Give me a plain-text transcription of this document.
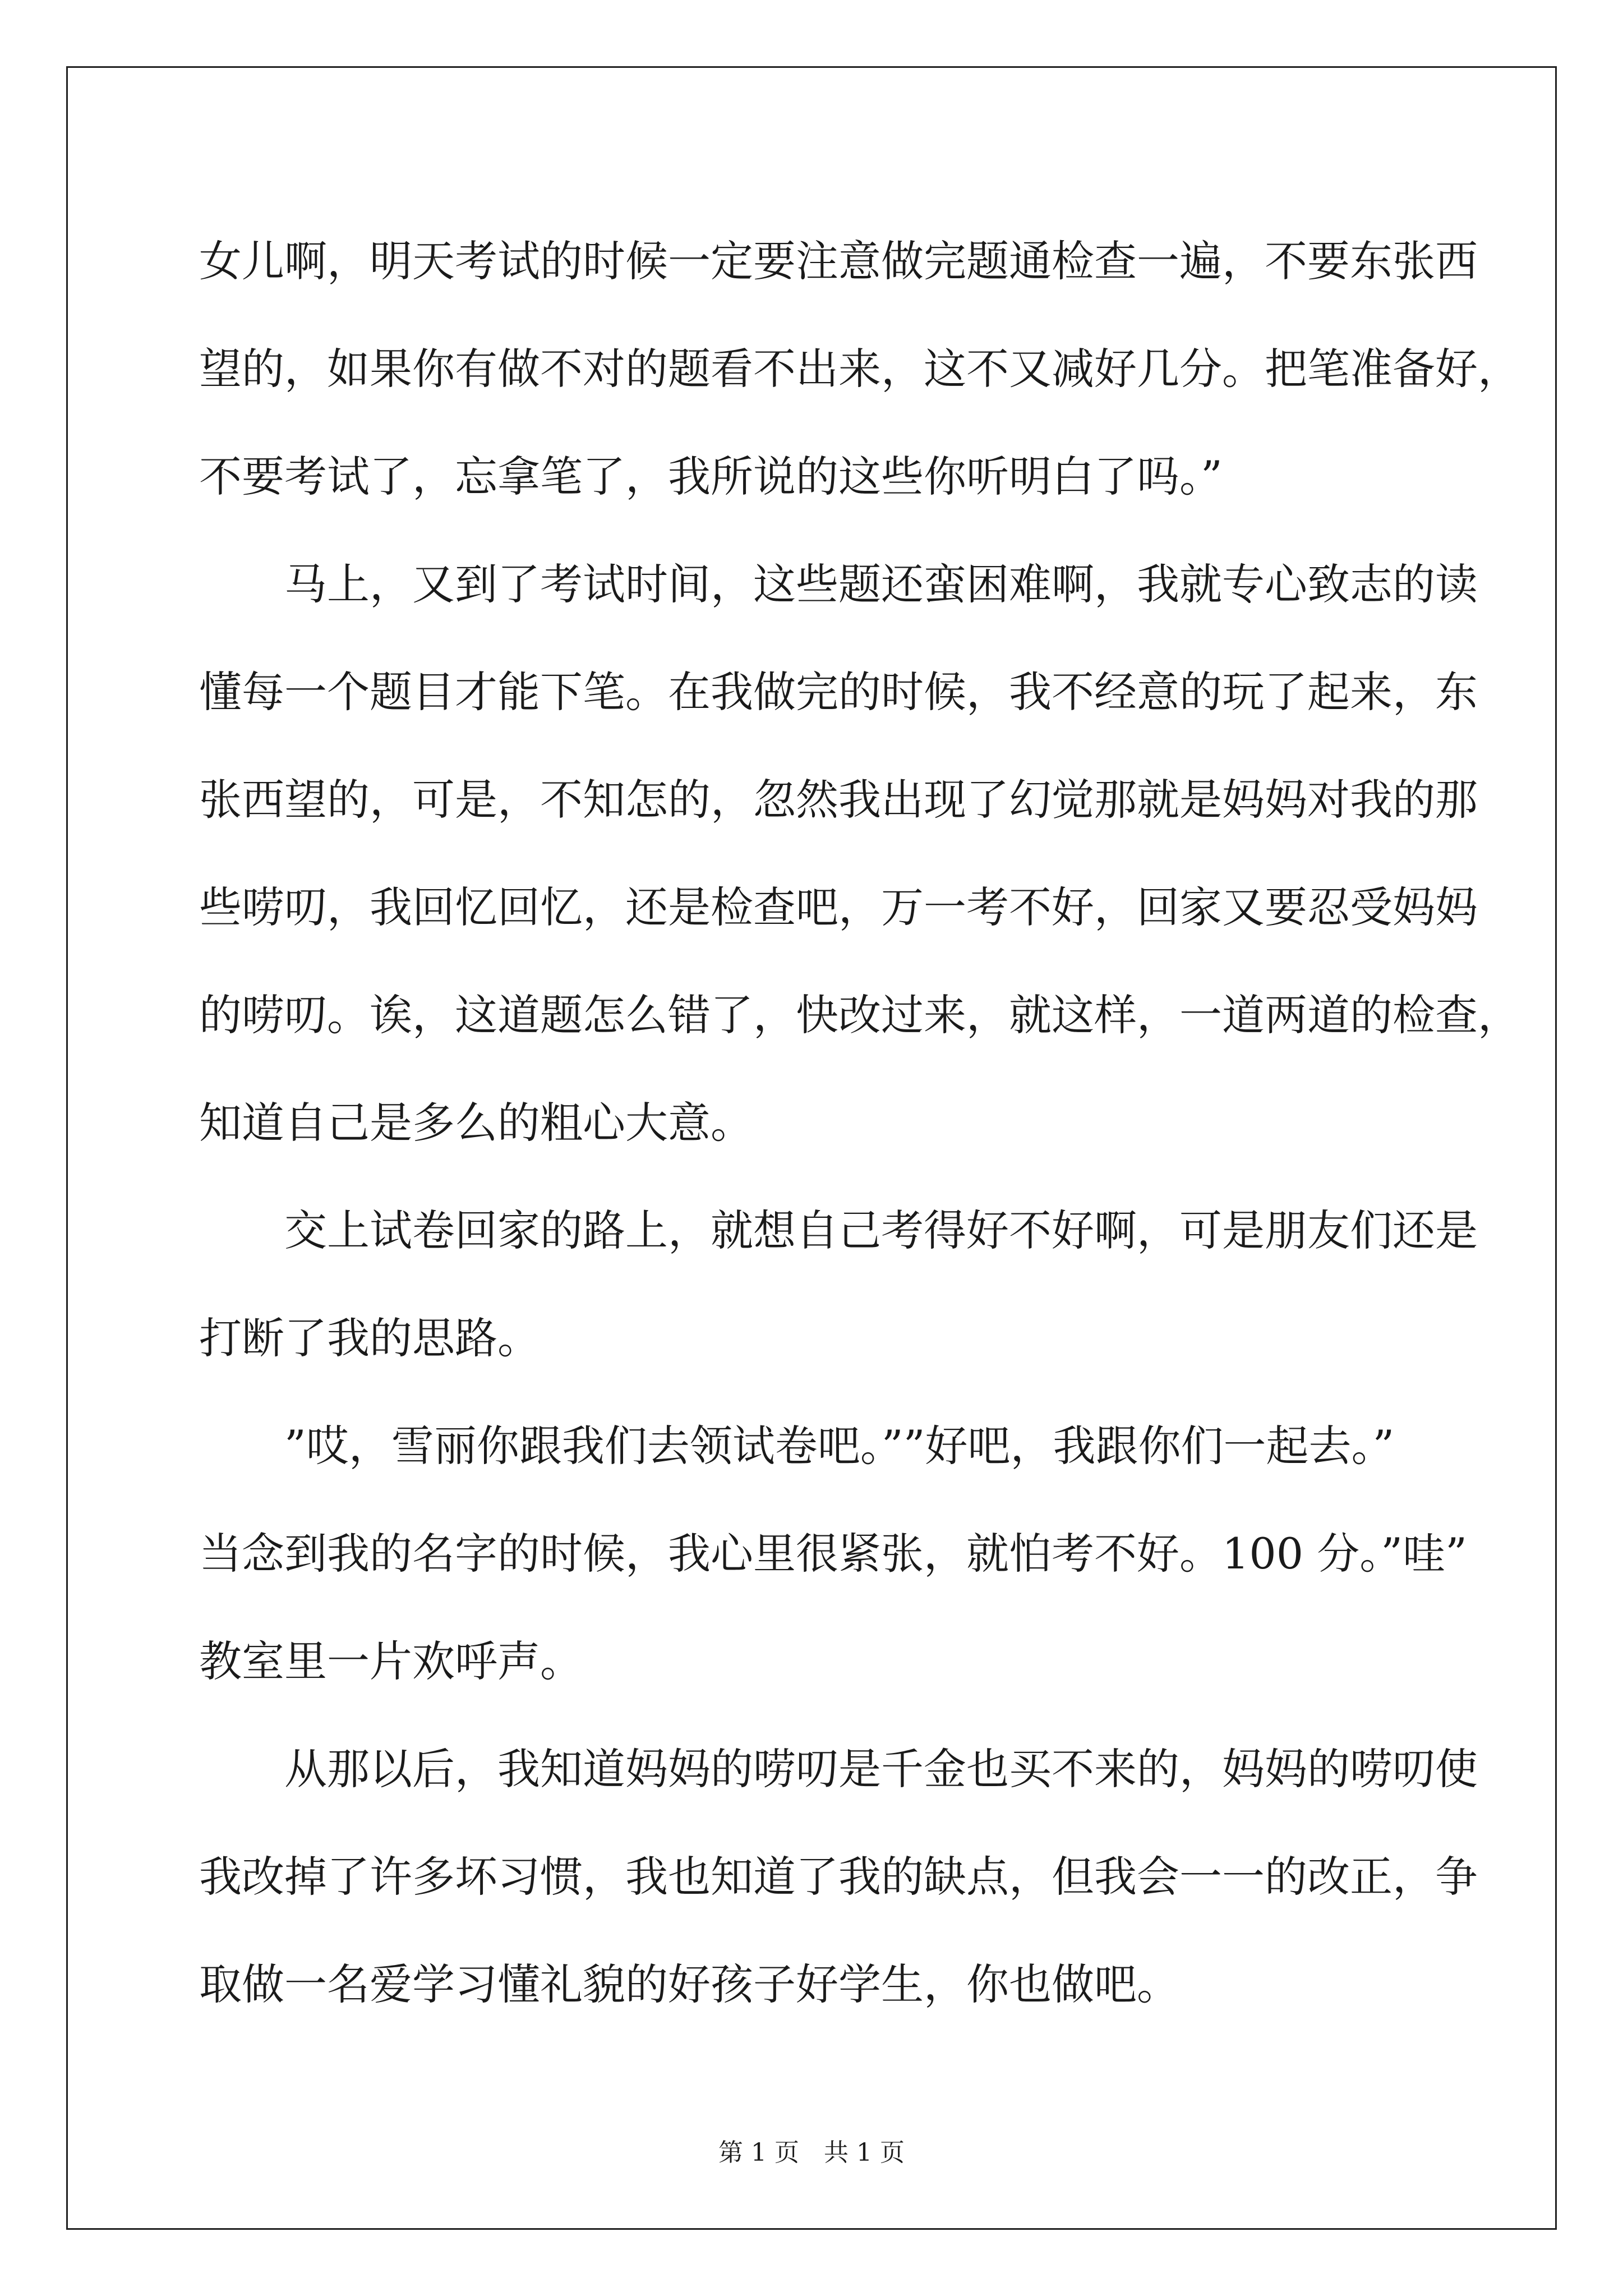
女儿啊，明天考试的时候一定要注意做完题通检查一遍，不要东张西
望的，如果你有做不对的题看不出来，这不又减好几分。把笔准备好，
不要考试了，忘拿笔了，我所说的这些你听明白了吗。”
马上，又到了考试时间，这些题还蛮困难啊，我就专心致志的读
懂每一个题目才能下笔。在我做完的时候，我不经意的玩了起来，东
张西望的，可是，不知怎的，忽然我出现了幻觉那就是妈妈对我的那
些唠叨，我回忆回忆，还是检查吧，万一考不好，回家又要忍受妈妈
的唠叨。诶，这道题怎么错了，快改过来，就这样，一道两道的检查，
知道自己是多么的粗心大意。
交上试卷回家的路上，就想自己考得好不好啊，可是朋友们还是
打断了我的思路。
”哎，雪丽你跟我们去领试卷吧。””好吧，我跟你们一起去。”
当念到我的名字的时候，我心里很紧张，就怕考不好。100 分。”哇”
教室里一片欢呼声。
从那以后，我知道妈妈的唠叨是千金也买不来的，妈妈的唠叨使
我改掉了许多坏习惯，我也知道了我的缺点，但我会一一的改正，争
取做一名爱学习懂礼貌的好孩子好学生，你也做吧。
第 1 页　共 1 页
